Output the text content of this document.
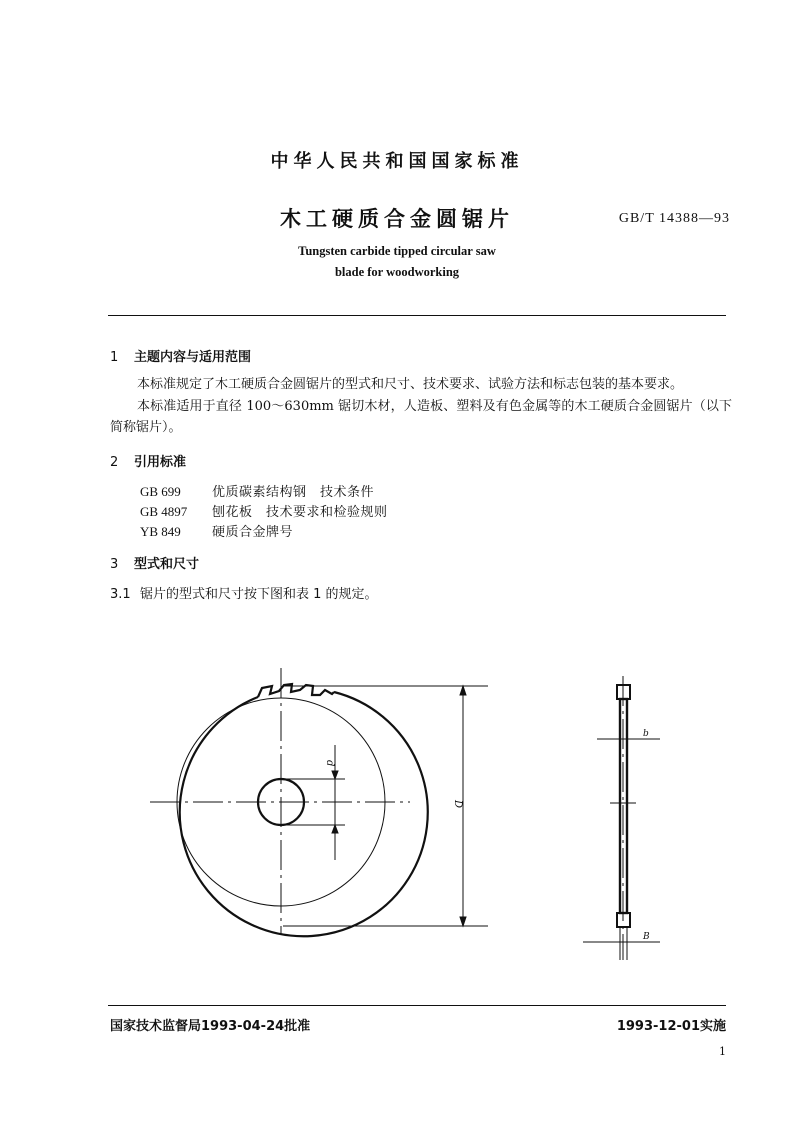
中华人民共和国国家标准
木工硬质合金圆锯片	GB/T 14388—93
Tungsten carbide tipped circular saw
blade for woodworking
1 主题内容与适用范围
本标准规定了木工硬质合金圆锯片的型式和尺寸、技术要求、试验方法和标志包装的基本要求。
本标准适用于直径 100～630mm 锯切木材，人造板、塑料及有色金属等的木工硬质合金圆锯片（以下简称锯片）。
2 引用标准
GB 699 优质碳素结构钢　技术条件
GB 4897 刨花板　技术要求和检验规则
YB 849 硬质合金牌号
3 型式和尺寸
3.1 锯片的型式和尺寸按下图和表 1 的规定。
d
D
b
B
国家技术监督局1993-04-24批准	1993-12-01实施
1
